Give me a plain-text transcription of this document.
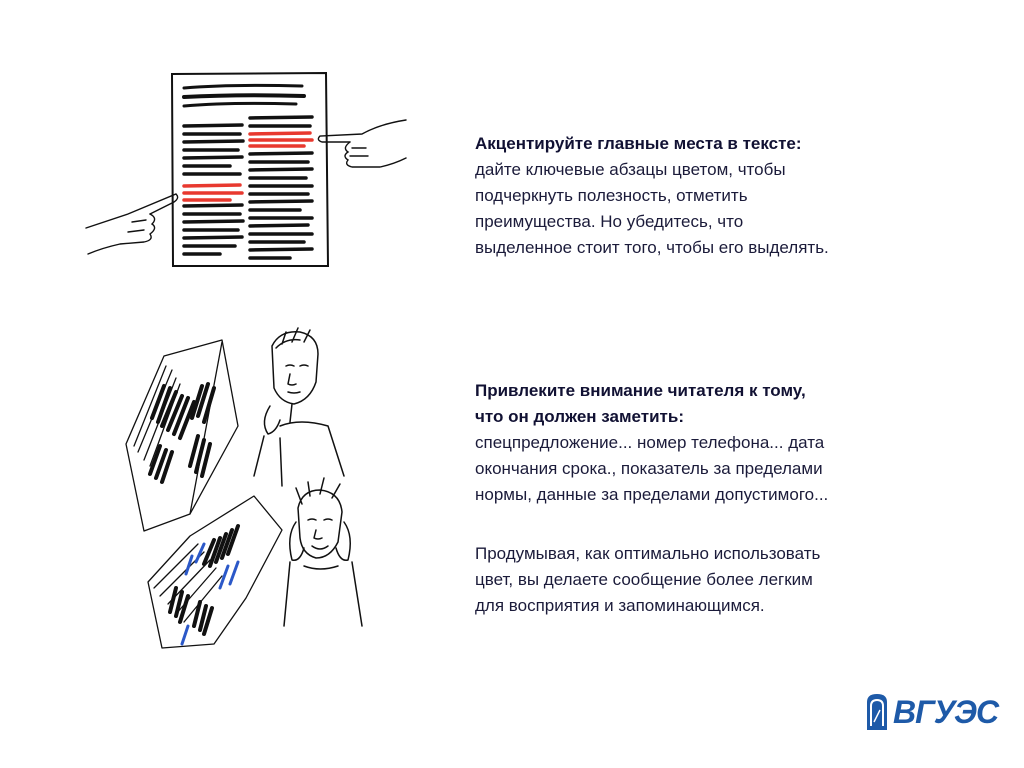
Акцентируйте главные места в тексте:

дайте ключевые абзацы цветом, чтобы

подчеркнуть полезность, отметить

преимущества. Но убедитесь, что

выделенное стоит того, чтобы его выделять.

Привлеките внимание читателя к тому,

что он должен заметить:

спецпредложение... номер телефона... дата

окончания срока., показатель за пределами

нормы, данные за пределами допустимого...

Продумывая, как оптимально использовать

цвет, вы делаете сообщение более легким

для восприятия и запоминающимся.

ВГУЭС
